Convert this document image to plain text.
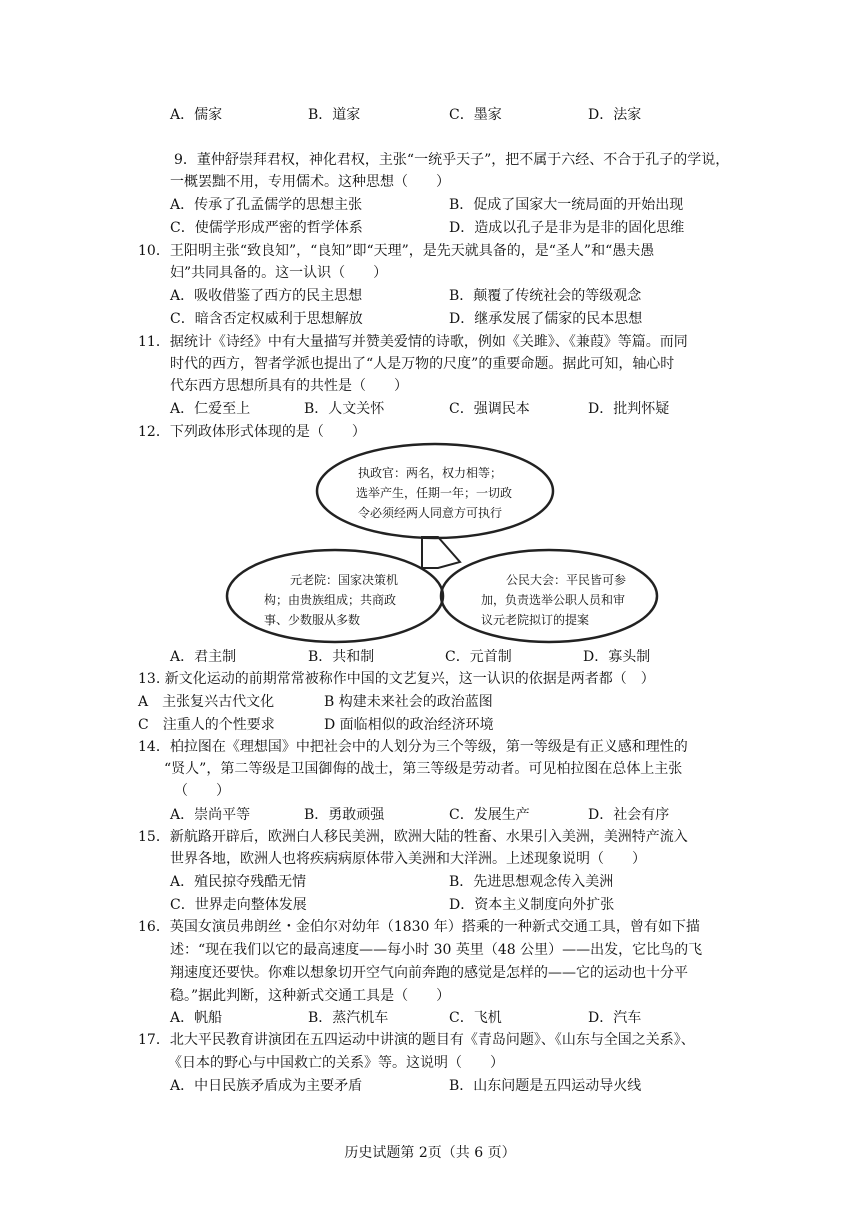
A．儒家	B．道家	C．墨家	D．法家
9．董仲舒崇拜君权，神化君权，主张“一统乎天子”，把不属于六经、不合于孔子的学说，
一概罢黜不用，专用儒术。这种思想（　　）
A．传承了孔孟儒学的思想主张	B．促成了国家大一统局面的开始出现
C．使儒学形成严密的哲学体系	D．造成以孔子是非为是非的固化思维
10．王阳明主张“致良知”，“良知”即“天理”，是先天就具备的，是“圣人”和“愚夫愚
妇”共同具备的。这一认识（　　）
A．吸收借鉴了西方的民主思想	B．颠覆了传统社会的等级观念
C．暗含否定权威利于思想解放	D．继承发展了儒家的民本思想
11．据统计《诗经》中有大量描写并赞美爱情的诗歌，例如《关雎》、《兼葭》等篇。而同
时代的西方，智者学派也提出了“人是万物的尺度”的重要命题。据此可知，轴心时
代东西方思想所具有的共性是（　　）
A．仁爱至上	B．人文关怀	C．强调民本	D．批判怀疑
12．下列政体形式体现的是（　　）
执政官：两名，权力相等；
选举产生，任期一年；一切政
令必须经两人同意方可执行
元老院：国家决策机
构；由贵族组成；共商政
事、少数服从多数
公民大会：平民皆可参
加，负责选举公职人员和审
议元老院拟订的提案
A．君主制	B．共和制	C．元首制	D．寡头制
13. 新文化运动的前期常常被称作中国的文艺复兴，这一认识的依据是两者都（　）
A　主张复兴古代文化	B 构建未来社会的政治蓝图
C　注重人的个性要求	D 面临相似的政治经济环境
14．柏拉图在《理想国》中把社会中的人划分为三个等级，第一等级是有正义感和理性的
“贤人”，第二等级是卫国御侮的战士，第三等级是劳动者。可见柏拉图在总体上主张
（　　）
A．崇尚平等	B．勇敢顽强	C．发展生产	D．社会有序
15．新航路开辟后，欧洲白人移民美洲，欧洲大陆的牲畜、水果引入美洲，美洲特产流入
世界各地，欧洲人也将疾病病原体带入美洲和大洋洲。上述现象说明（　　）
A．殖民掠夺残酷无情	B．先进思想观念传入美洲
C．世界走向整体发展	D．资本主义制度向外扩张
16．英国女演员弗朗丝・金伯尔对幼年（1830 年）搭乘的一种新式交通工具，曾有如下描
述：“现在我们以它的最高速度——每小时 30 英里（48 公里）——出发，它比鸟的飞
翔速度还要快。你难以想象切开空气向前奔跑的感觉是怎样的——它的运动也十分平
稳。”据此判断，这种新式交通工具是（　　）
A．帆船	B．蒸汽机车	C．飞机	D．汽车
17．北大平民教育讲演团在五四运动中讲演的题目有《青岛问题》、《山东与全国之关系》、
《日本的野心与中国救亡的关系》等。这说明（　　）
A．中日民族矛盾成为主要矛盾	B．山东问题是五四运动导火线
历史试题第 2页（共 6 页）
